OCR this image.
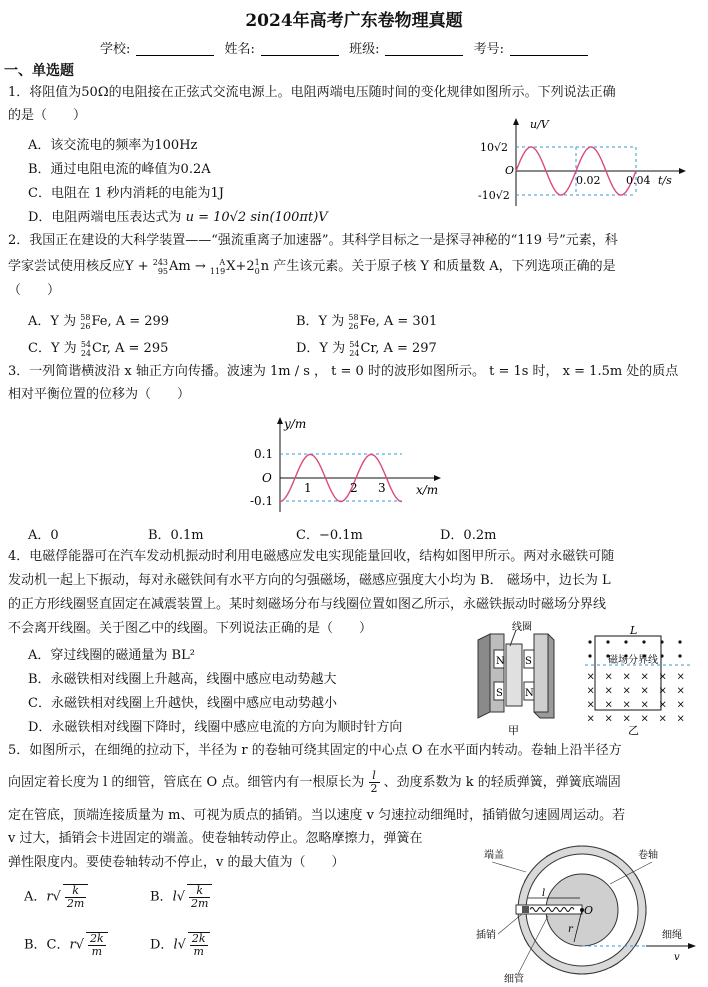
2024年高考广东卷物理真题
学校:	姓名:	班级:	考号:
一、单选题
1．将阻值为50Ω的电阻接在正弦式交流电源上。电阻两端电压随时间的变化规律如图所示。下列说法正确
的是（　　）
A．该交流电的频率为100Hz
B．通过电阻电流的峰值为0.2A
C．电阻在 1 秒内消耗的电能为1J
D．电阻两端电压表达式为 u = 10√2 sin(100πt)V
u/V
10√2
-10√2
O
0.02 0.04 t/s
2．我国正在建设的大科学装置——“强流重离子加速器”。其科学目标之一是探寻神秘的“119 号”元素，科
学家尝试使用核反应Y + 243
95 Am →	A
119 X+2 1
0 n 产生该元素。关于原子核 Y 和质量数 A，下列选项正确的是
（　　）
A．Y 为 58
26 Fe, A = 299	B．Y 为 58
26 Fe, A = 301
C．Y 为 54
24 Cr, A = 295	D．Y 为 54
24 Cr, A = 297
3．一列简谐横波沿 x 轴正方向传播。波速为 1m / s ， t = 0 时的波形如图所示。 t = 1s 时， x = 1.5m 处的质点
相对平衡位置的位移为（　　）
y/m
0.1
-0.1
O
1	2 3	x/m
A．0	B．0.1m	C．−0.1m	D．0.2m
4．电磁俘能器可在汽车发动机振动时利用电磁感应发电实现能量回收，结构如图甲所示。两对永磁铁可随
发动机一起上下振动，每对永磁铁间有水平方向的匀强磁场，磁感应强度大小均为 B． 磁场中，边长为 L
的正方形线圈竖直固定在减震装置上。某时刻磁场分布与线圈位置如图乙所示，永磁铁振动时磁场分界线
不会离开线圈。关于图乙中的线圈。下列说法正确的是（　　）
A．穿过线圈的磁通量为 BL²
B．永磁铁相对线圈上升越高，线圈中感应电动势越大
C．永磁铁相对线圈上升越快，线圈中感应电动势越小
D．永磁铁相对线圈下降时，线圈中感应电流的方向为顺时针方向
N
S
S
N
线圈
甲
× × × × × ×
× × × × × ×
× × × × × ×
× × × × × ×
L
磁场分界线
乙
5．如图所示，在细绳的拉动下，半径为 r 的卷轴可绕其固定的中心点 O 在水平面内转动。卷轴上沿半径方
向固定着长度为 l 的细管，管底在 O 点。细管内有一根原长为 $\frac{l}{2}$ 、劲度系数为 k 的轻质弹簧，弹簧底端固
定在管底，顶端连接质量为 m、可视为质点的插销。当以速度 v 匀速拉动细绳时，插销做匀速圆周运动。若
v 过大，插销会卡进固定的端盖。使卷轴转动停止。忽略摩擦力，弹簧在
弹性限度内。要使卷轴转动不停止，v 的最大值为（　　）
A．$r√ \frac{k}{2m}$	B．$l√ \frac{k}{2m}$
B．C．$r√ \frac{2k}{m}$	D．$l√ \frac{2k}{m}$
端盖	卷轴
插销	细绳
细管
O
r
l
v
